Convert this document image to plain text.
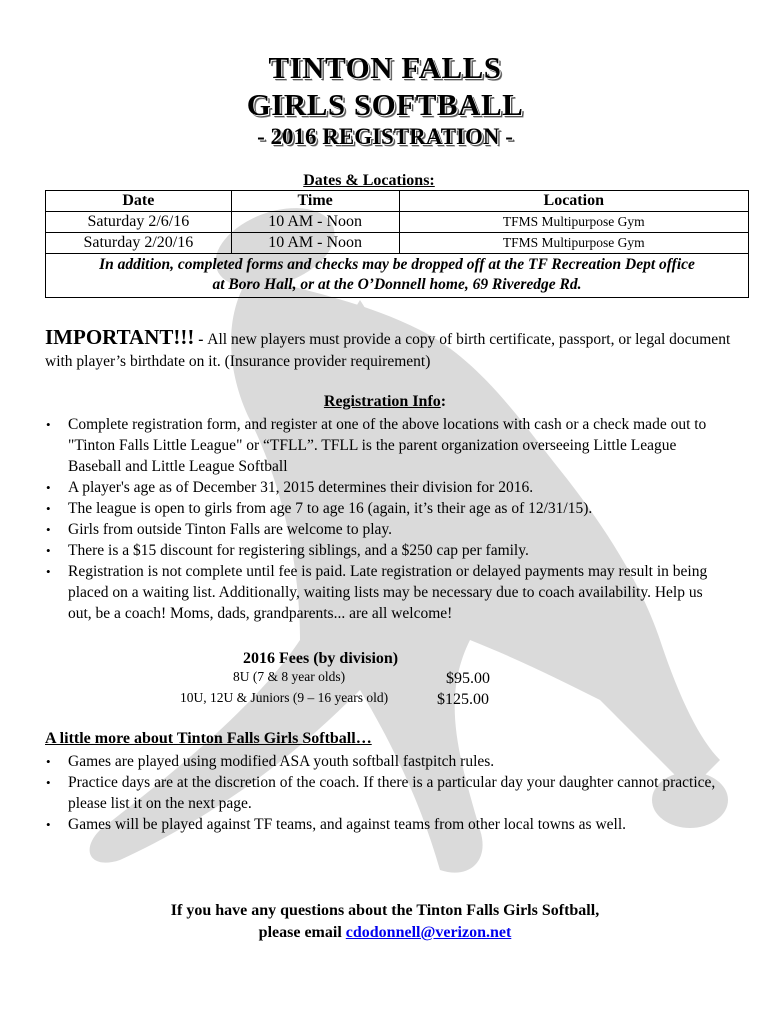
TINTON FALLS
GIRLS SOFTBALL
- 2016 REGISTRATION -
Dates & Locations:
Date	Time	Location
Saturday 2/6/16	10 AM - Noon	TFMS Multipurpose Gym
Saturday 2/20/16	10 AM - Noon	TFMS Multipurpose Gym
In addition, completed forms and checks may be dropped off at the TF Recreation Dept office
at Boro Hall, or at the O’Donnell home, 69 Riveredge Rd.		
IMPORTANT!!! - All new players must provide a copy of birth certificate, passport, or legal document with player’s birthdate on it. (Insurance provider requirement)
Registration Info:
• Complete registration form, and register at one of the above locations with cash or a check made out to "Tinton Falls Little League" or “TFLL”. TFLL is the parent organization overseeing Little League Baseball and Little League Softball
• A player's age as of December 31, 2015 determines their division for 2016.
• The league is open to girls from age 7 to age 16 (again, it’s their age as of 12/31/15).
• Girls from outside Tinton Falls are welcome to play.
• There is a $15 discount for registering siblings, and a $250 cap per family.
• Registration is not complete until fee is paid. Late registration or delayed payments may result in being placed on a waiting list. Additionally, waiting lists may be necessary due to coach availability. Help us out, be a coach! Moms, dads, grandparents... are all welcome!
2016 Fees (by division)
8U (7 & 8 year olds)	$95.00
10U, 12U & Juniors (9 – 16 years old)	$125.00
A little more about Tinton Falls Girls Softball…
• Games are played using modified ASA youth softball fastpitch rules.
• Practice days are at the discretion of the coach. If there is a particular day your daughter cannot practice, please list it on the next page.
• Games will be played against TF teams, and against teams from other local towns as well.
If you have any questions about the Tinton Falls Girls Softball,
please email cdodonnell@verizon.net
